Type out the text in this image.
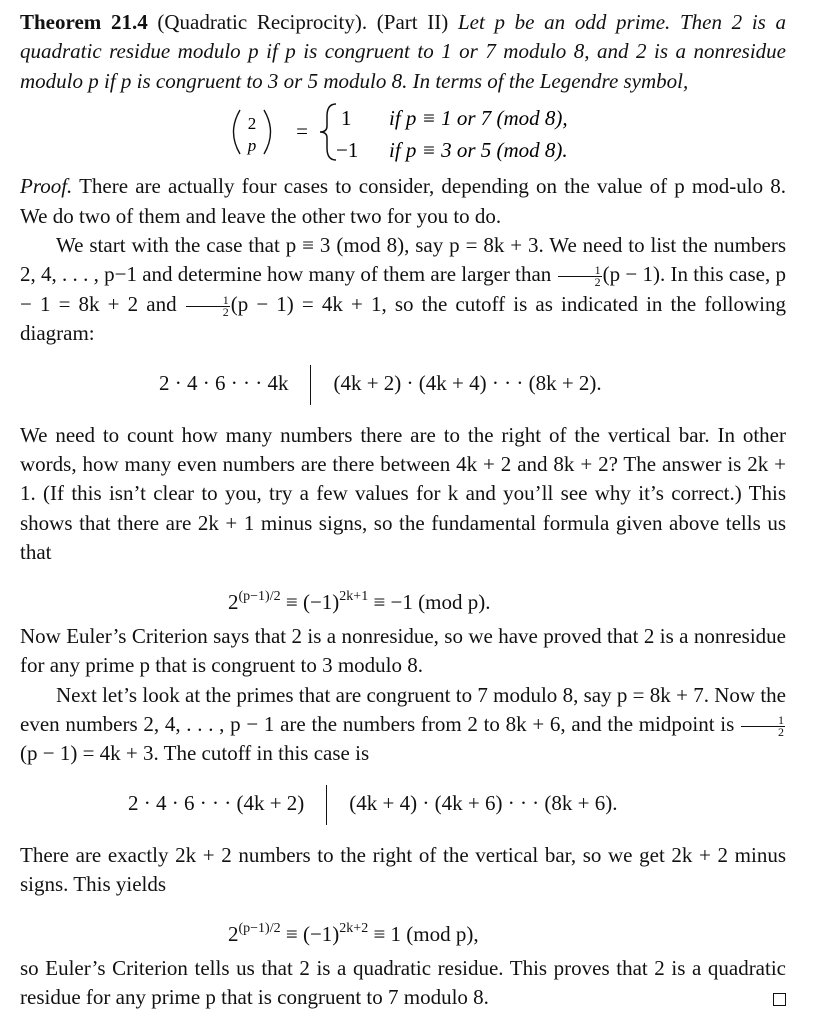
Theorem 21.4 (Quadratic Reciprocity). (Part II) Let p be an odd prime. Then 2 is a quadratic residue modulo p if p is congruent to 1 or 7 modulo 8, and 2 is a nonresidue modulo p if p is congruent to 3 or 5 modulo 8. In terms of the Legendre symbol,

2
p
=
1 if p ≡ 1 or 7 (mod 8),
−1 if p ≡ 3 or 5 (mod 8).

Proof. There are actually four cases to consider, depending on the value of p mod-ulo 8. We do two of them and leave the other two for you to do.

We start with the case that p ≡ 3 (mod 8), say p = 8k + 3. We need to list the numbers 2, 4, . . . , p−1 and determine how many of them are larger than $\frac{1}{2} (p - 1)$. In this case, p − 1 = 8k + 2 and $\frac{1}{2} (p - 1) = 4k + 1$, so the cutoff is as indicated in the following diagram:

2 · 4 · 6 · · · 4k (4k + 2) · (4k + 4) · · · (8k + 2).

We need to count how many numbers there are to the right of the vertical bar. In other words, how many even numbers are there between 4k + 2 and 8k + 2? The answer is 2k + 1. (If this isn’t clear to you, try a few values for k and you’ll see why it’s correct.) This shows that there are 2k + 1 minus signs, so the fundamental formula given above tells us that

$2^{(p-1)/2} \equiv (-1)^{2k+1} \equiv -1$ (mod p).

Now Euler’s Criterion says that 2 is a nonresidue, so we have proved that 2 is a nonresidue for any prime p that is congruent to 3 modulo 8.

Next let’s look at the primes that are congruent to 7 modulo 8, say p = 8k + 7. Now the even numbers 2, 4, . . . , p − 1 are the numbers from 2 to 8k + 6, and the midpoint is $\frac{1}{2}$
(p − 1) = 4k + 3. The cutoff in this case is

2 · 4 · 6 · · · (4k + 2) (4k + 4) · (4k + 6) · · · (8k + 6).

There are exactly 2k + 2 numbers to the right of the vertical bar, so we get 2k + 2 minus signs. This yields

$2^{(p-1)/2} \equiv (-1)^{2k+2} \equiv 1$ (mod p),

so Euler’s Criterion tells us that 2 is a quadratic residue. This proves that 2 is a quadratic residue for any prime p that is congruent to 7 modulo 8.
